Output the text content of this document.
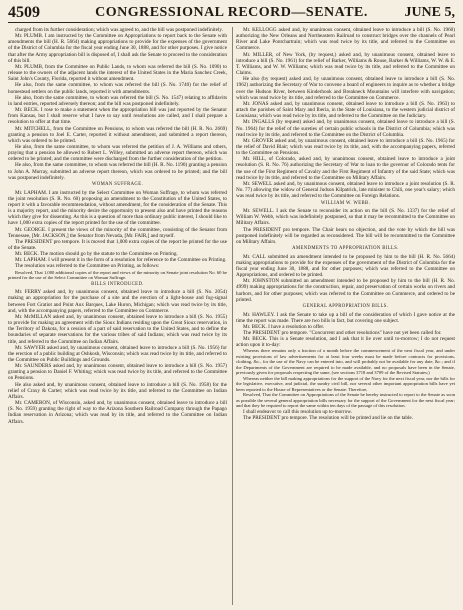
4509	CONGRESSIONAL RECORD—SENATE.	JUNE 5,

charged from its further consideration; which was agreed to, and the bill was postponed indefinitely.

Mr. PLUMB. I am instructed by the Committee on Appropriations to report back to the Senate with amendments the bill (H. R. 5664) making appropriations to provide for the expenses of the government of the District of Columbia for the fiscal year ending June 30, 1888, and for other purposes. I give notice that after the Army appropriation bill is disposed of, I shall ask the Senate to proceed to the consideration of this bill.

Mr. PLUMB, from the Committee on Public Lands, to whom was referred the bill (S. No. 1090) to release to the owners of the adjacent lands the interest of the United States in the Maria Sanchez Creek, Saint John's County, Florida, reported it without amendment.

He also, from the same committee, to whom was referred the bill (S. No. 1740) for the relief of homestead settlers on the public lands, reported it with amendments.

He also, from the same committee, to whom was referred the bill (S. No. 1547) relating to affidavits in land entries, reported adversely thereon; and the bill was postponed indefinitely.

Mr. BECK. I rose to make a statement when the appropriation bill was just reported by the Senator from Kansas, but I shall reserve what I have to say until resolutions are called, and I shall prepare a resolution to offer at that time.

Mr. MITCHELL, from the Committee on Pensions, to whom was referred the bill (H. R. No. 2669) granting a pension to Joel E. Carter, reported it without amendment, and submitted a report thereon, which was ordered to be printed.

He also, from the same committee, to whom was referred the petition of J. A. Williams and others, praying that a pension be allowed to Robert L. Willey, submitted an adverse report thereon, which was ordered to be printed; and the committee were discharged from the further consideration of the petition.

He also, from the same committee, to whom was referred the bill (H. R. No. 1190) granting a pension to John A. Murray, submitted an adverse report thereon, which was ordered to be printed; and the bill was postponed indefinitely.

WOMAN SUFFRAGE.

Mr. LAPHAM. I am instructed by the Select Committee on Woman Suffrage, to whom was referred the joint resolution (S. R. No. 60) proposing an amendment to the Constitution of the United States, to report it with a favorable recommendation, without amendment, for the consideration of the Senate. This is a majority report, and the minority desire the opportunity to present also and have printed the reasons which they give for dissenting. As this is a question of more than ordinary public interest, I should like to have 1,000 extra copies of the report printed for the use of the committee.

Mr. GEORGE. I present the views of the minority of the committee, consisting of the Senator from Tennessee, [Mr. JACKSON,] the Senator from Nevada, [Mr. FAIR,] and myself.

The PRESIDENT pro tempore. It is moved that 1,000 extra copies of the report be printed for the use of the Senate.

Mr. BECK. The motion should go by the statute to the Committee on Printing.

Mr. LAPHAM. I will present it in the form of a resolution for reference to the Committee on Printing.

The resolution was referred to the Committee on Printing, as follows:

Resolved, That 1,000 additional copies of the report and views of the minority on Senate joint resolution No. 60 be printed for the use of the Select Committee on Woman Suffrage.

BILLS INTRODUCED.

Mr. FERRY asked and, by unanimous consent, obtained leave to introduce a bill (S. No. 2054) making an appropriation for the purchase of a site and the erection of a light-house and fog-signal between Fort Gratiot and Point Aux Barques, Lake Huron, Michigan; which was read twice by its title, and, with the accompanying papers, referred to the Committee on Commerce.

Mr. McMILLAN asked and, by unanimous consent, obtained leave to introduce a bill (S. No. 1955) to provide for making an agreement with the Sioux Indians residing upon the Great Sioux reservation, in the Territory of Dakota, for a cession of a part of said reservation to the United States, and to define the boundaries of separate reservations for the various tribes of said Indians; which was read twice by its title, and referred to the Committee on Indian Affairs.

Mr. SAWYER asked and, by unanimous consent, obtained leave to introduce a bill (S. No. 1956) for the erection of a public building at Oshkosh, Wisconsin; which was read twice by its title, and referred to the Committee on Public Buildings and Grounds.

Mr. SAUNDERS asked and, by unanimous consent, obtained leave to introduce a bill (S. No. 1957) granting a pension to Daniel F. Whiting; which was read twice by its title, and referred to the Committee on Pensions.

He also asked and, by unanimous consent, obtained leave to introduce a bill (S. No. 1958) for the relief of Craxy & Carter; which was read twice by its title, and referred to the Committee on Indian Affairs.

Mr. CAMERON, of Wisconsin, asked and, by unanimous consent, obtained leave to introduce a bill (S. No. 1959) granting the right of way to the Arizona Southern Railroad Company through the Papago Indian reservation in Arizona; which was read by its title, and referred to the Committee on Indian Affairs.

Mr. KELLOGG asked and, by unanimous consent, obtained leave to introduce a bill (S. No. 1960) authorizing the New Orleans and Northeastern Railroad to construct bridges over the channels of Pearl River and Lake Pontchartrain; which was read twice by its title, and referred to the Committee on Commerce.

Mr. MILLER, of New York, (by request,) asked and, by unanimous consent, obtained leave to introduce a bill (S. No. 1961) for the relief of Barker, Williams & Rouse, Barker & Williams, W. W. & E. T. Williams, and W. W. Williams; which was read twice by its title, and referred to the Committee on Claims.

He also (by request) asked and, by unanimous consent, obtained leave to introduce a bill (S. No. 1962) authorizing the Secretary of War to convene a board of engineers to inquire as to whether a bridge over the Hudson River, between Kinderhook and Breakneck Mountains will interfere with navigation; which was read twice by its title, and referred to the Committee on Commerce.

Mr. JONAS asked and, by unanimous consent, obtained leave to introduce a bill (S. No. 1963) to attach the parishes of Saint Mary and Iberia, in the State of Louisiana, to the western judicial district of Louisiana; which was read twice by its title, and referred to the Committee on the Judiciary.

Mr. INGALLS (by request) asked and, by unanimous consent, obtained leave to introduce a bill (S. No. 1964) for the relief of the sureties of certain public schools in the District of Columbia; which was read twice by its title, and referred to the Committee on the District of Columbia.

Mr. GROVER asked and, by unanimous consent, obtained leave to introduce a bill (S. No. 1965) for the relief of David Blair; which was read twice by its title, and, with the accompanying papers, referred to the Committee on Pensions.

Mr. HILL, of Colorado, asked and, by unanimous consent, obtained leave to introduce a joint resolution (S. R. No. 76) authorizing the Secretary of War to loan to the governor of Colorado tents for the use of the First Regiment of Cavalry and the First Regiment of Infantry of the said State; which was read twice by its title, and referred to the Committee on Military Affairs.

Mr. SEWELL asked and, by unanimous consent, obtained leave to introduce a joint resolution (S. R. No. 77) allowing the widow of General Judson Kilpatrick, late minister to Chili, one year's salary; which was read twice by its title, and referred to the Committee on Foreign Relations.

WILLIAM W. WEBB.

Mr. SEWELL. I ask the Senate to reconsider its action on the bill (S. No. 1337) for the relief of William W. Webb, which was indefinitely postponed, so that it may be recommitted to the Committee on Military Affairs.

The PRESIDENT pro tempore. The Chair hears no objection, and the vote by which the bill was postponed indefinitely will be regarded as reconsidered. The bill will be recommitted to the Committee on Military Affairs.

AMENDMENTS TO APPROPRIATION BILLS.

Mr. CALL submitted an amendment intended to be proposed by him to the bill (H. R. No. 5664) making appropriations to provide for the expenses of the government of the District of Columbia for the fiscal year ending June 30, 1888, and for other purposes; which was referred to the Committee on Appropriations, and ordered to be printed.

Mr. JOHNSTON submitted an amendment intended to be proposed by him to the bill (H. R. No. 4999) making appropriations for the construction, repair, and preservation of certain works on rivers and harbors, and for other purposes; which was referred to the Committee on Commerce, and ordered to be printed.

GENERAL APPROPRIATION BILLS.

Mr. HAWLEY. I ask the Senate to take up a bill of the consideration of which I gave notice at the time the report was made. There are two bills in fact, but covering one subject.

Mr. BECK. I have a resolution to offer.

The PRESIDENT pro tempore. "Concurrent and other resolutions" have not yet been called for.

Mr. BECK. This is a Senate resolution, and I ask that it lie over until to-morrow; I do not request action upon it to-day:

Whereas there remains only a fraction of a month before the commencement of the next fiscal year, and under existing provisions of law advertisements for at least four weeks must be made before contracts for provisions, clothing, &c., for the use of the Navy can be entered into, and will probably not be available for any date, &c.; and if the Departments of the Government are required to be made available, and no proposals have been in the Senate, previously given for proposals respecting the same, (see sections 3718 and 3709 of the Revised Statutes;)

Whereas neither the bill making appropriations for the support of the Navy for the next fiscal year, nor the bills for the legislative, executive, and judicial, the sundry civil bill, nor several other important appropriation bills have yet been reported to the House of Representatives or the Senate: Therefore,

Resolved, That the Committee on Appropriations of the Senate be hereby instructed to report to the Senate as soon as possible the several general appropriation bills necessary for the support of the Government for the next fiscal year; and that they be required to report the same within ten days of the passage of this resolution.

I shall endeavor to call this resolution up to-morrow.

The PRESIDENT pro tempore. The resolution will be printed and lie on the table.
